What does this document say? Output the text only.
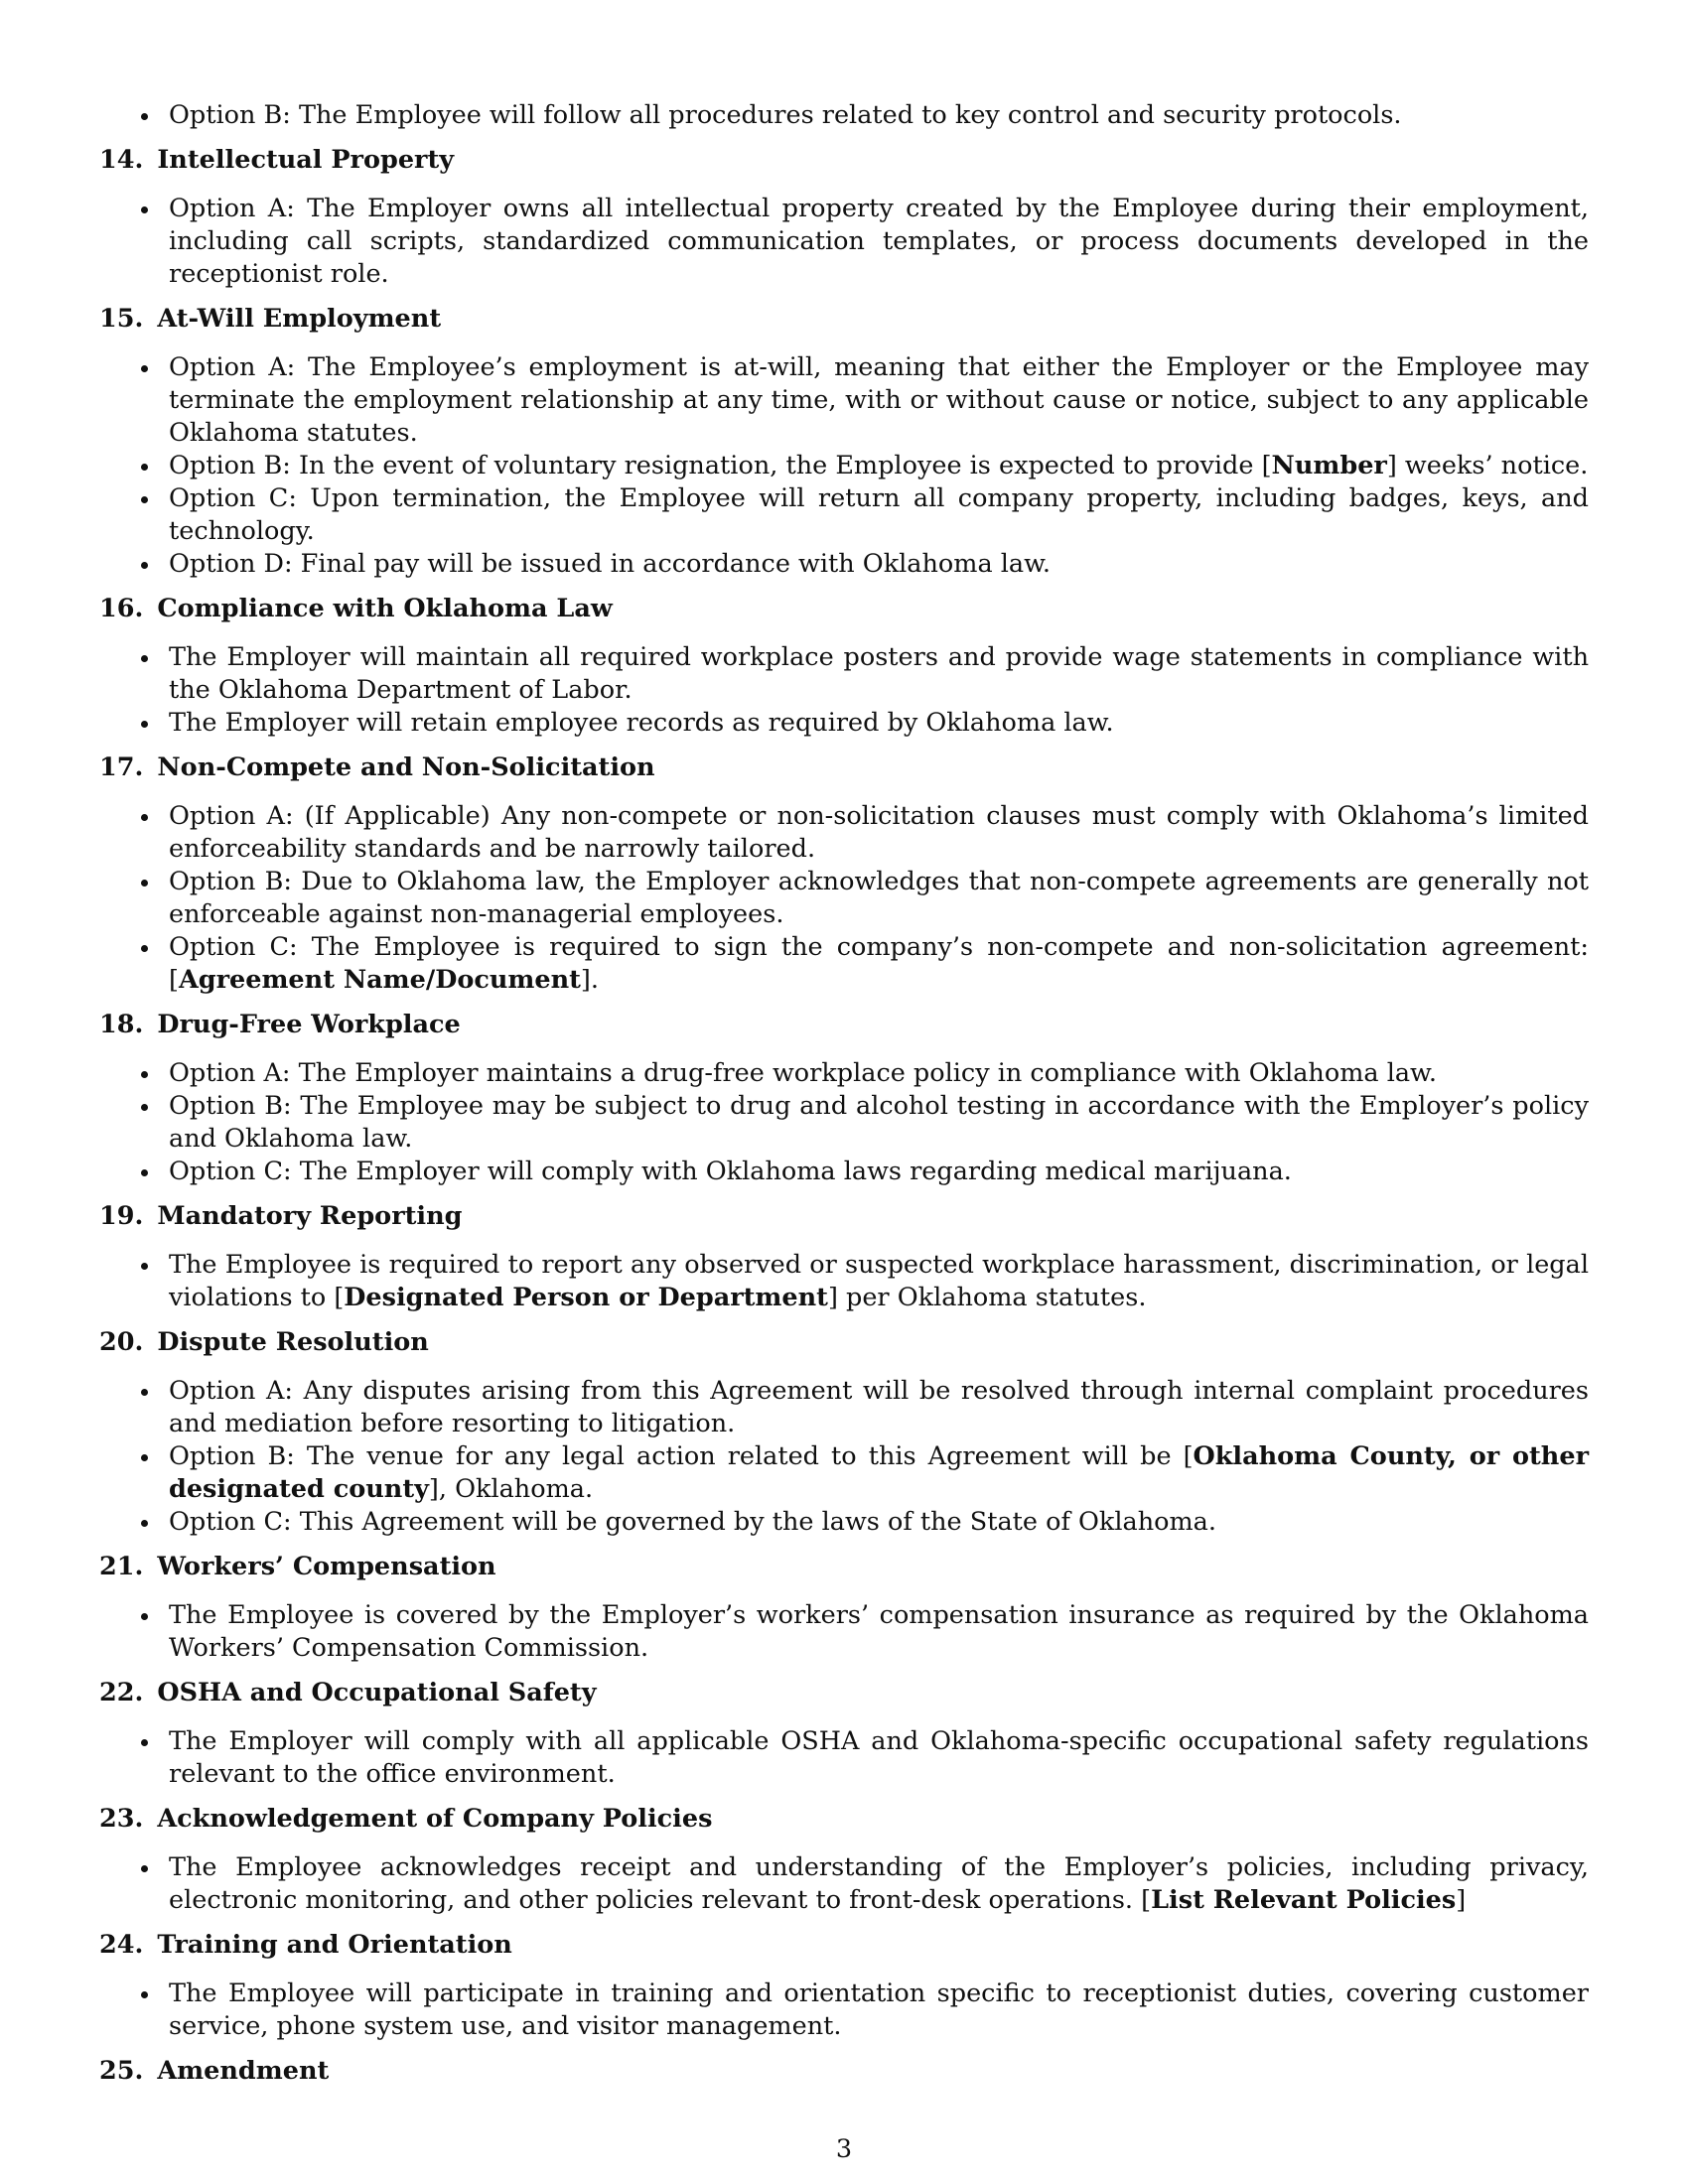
Option B: The Employee will follow all procedures related to key control and security protocols.
14. Intellectual Property
Option A: The Employer owns all intellectual property created by the Employee during their employment, including call scripts, standardized communication templates, or process documents developed in the receptionist role.
15. At-Will Employment
Option A: The Employee’s employment is at-will, meaning that either the Employer or the Employee may terminate the employment relationship at any time, with or without cause or notice, subject to any applicable Oklahoma statutes.
Option B: In the event of voluntary resignation, the Employee is expected to provide [Number] weeks’ notice.
Option C: Upon termination, the Employee will return all company property, including badges, keys, and technology.
Option D: Final pay will be issued in accordance with Oklahoma law.
16. Compliance with Oklahoma Law
The Employer will maintain all required workplace posters and provide wage statements in compliance with the Oklahoma Department of Labor.
The Employer will retain employee records as required by Oklahoma law.
17. Non-Compete and Non-Solicitation
Option A: (If Applicable) Any non-compete or non-solicitation clauses must comply with Oklahoma’s limited enforceability standards and be narrowly tailored.
Option B: Due to Oklahoma law, the Employer acknowledges that non-compete agreements are generally not enforceable against non-managerial employees.
Option C: The Employee is required to sign the company’s non-compete and non-solicitation agreement: [Agreement Name/Document].
18. Drug-Free Workplace
Option A: The Employer maintains a drug-free workplace policy in compliance with Oklahoma law.
Option B: The Employee may be subject to drug and alcohol testing in accordance with the Employer’s policy and Oklahoma law.
Option C: The Employer will comply with Oklahoma laws regarding medical marijuana.
19. Mandatory Reporting
The Employee is required to report any observed or suspected workplace harassment, discrimination, or legal violations to [Designated Person or Department] per Oklahoma statutes.
20. Dispute Resolution
Option A: Any disputes arising from this Agreement will be resolved through internal complaint procedures and mediation before resorting to litigation.
Option B: The venue for any legal action related to this Agreement will be [Oklahoma County, or other designated county], Oklahoma.
Option C: This Agreement will be governed by the laws of the State of Oklahoma.
21. Workers’ Compensation
The Employee is covered by the Employer’s workers’ compensation insurance as required by the Oklahoma Workers’ Compensation Commission.
22. OSHA and Occupational Safety
The Employer will comply with all applicable OSHA and Oklahoma-specific occupational safety regulations relevant to the office environment.
23. Acknowledgement of Company Policies
The Employee acknowledges receipt and understanding of the Employer’s policies, including privacy, electronic monitoring, and other policies relevant to front-desk operations. [List Relevant Policies]
24. Training and Orientation
The Employee will participate in training and orientation specific to receptionist duties, covering customer service, phone system use, and visitor management.
25. Amendment
3
